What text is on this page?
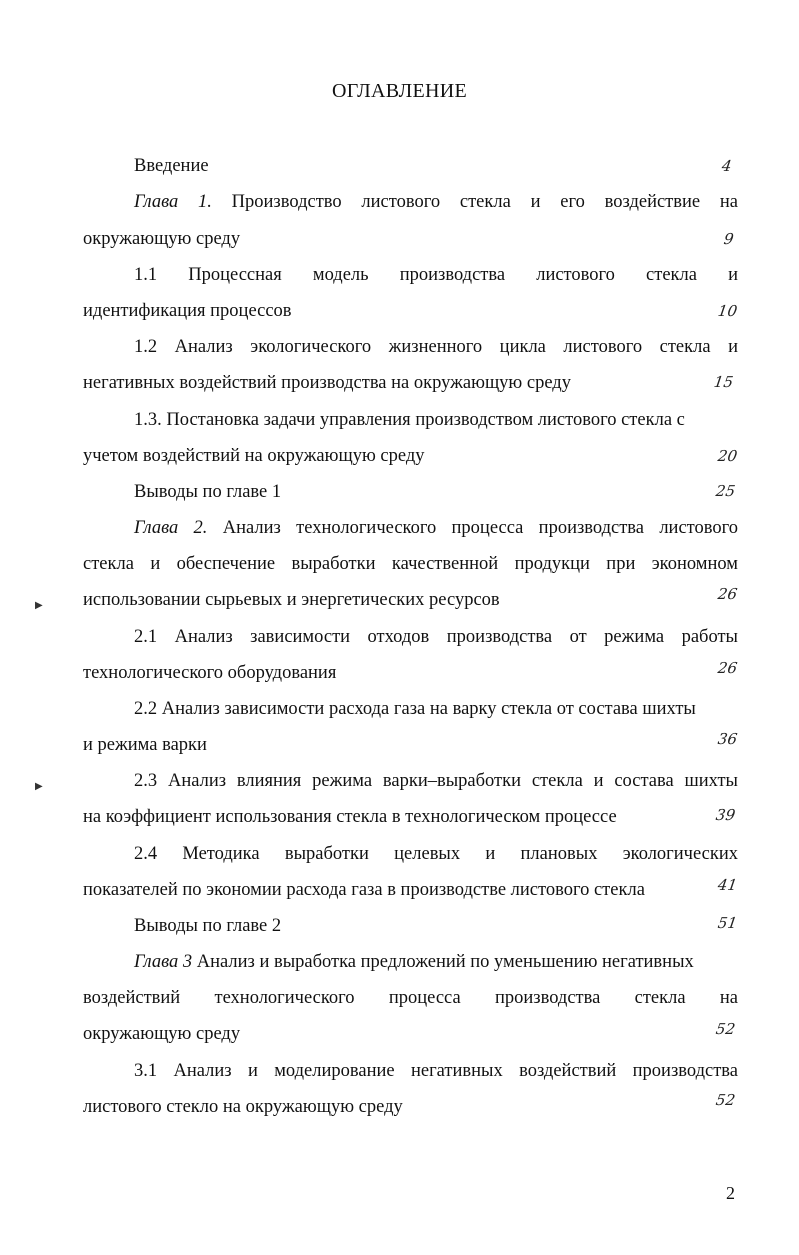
ОГЛАВЛЕНИЕ
Введение	4
Глава 1. Производство листового стекла и его воздействие на
окружающую среду	9
1.1 Процессная модель производства листового стекла и
идентификация процессов	10
1.2 Анализ экологического жизненного цикла листового стекла и
негативных воздействий производства на окружающую среду	15
1.3. Постановка задачи управления производством листового стекла с
учетом воздействий на окружающую среду	20
Выводы по главе 1	25
Глава 2. Анализ технологического процесса производства листового
стекла и обеспечение выработки качественной продукци при экономном
использовании сырьевых и энергетических ресурсов	26
2.1 Анализ зависимости отходов производства от режима работы
технологического оборудования	26
2.2 Анализ зависимости расхода газа на варку стекла от состава шихты
и режима варки	36
2.3 Анализ влияния режима варки–выработки стекла и состава шихты
на коэффициент использования стекла в технологическом процессе	39
2.4 Методика выработки целевых и плановых экологических
показателей по экономии расхода газа в производстве листового стекла	41
Выводы по главе 2	51
Глава 3 Анализ и выработка предложений по уменьшению негативных
воздействий технологического процесса производства стекла на
окружающую среду	52
3.1 Анализ и моделирование негативных воздействий производства
листового стекло на окружающую среду	52
2
▶
▶
